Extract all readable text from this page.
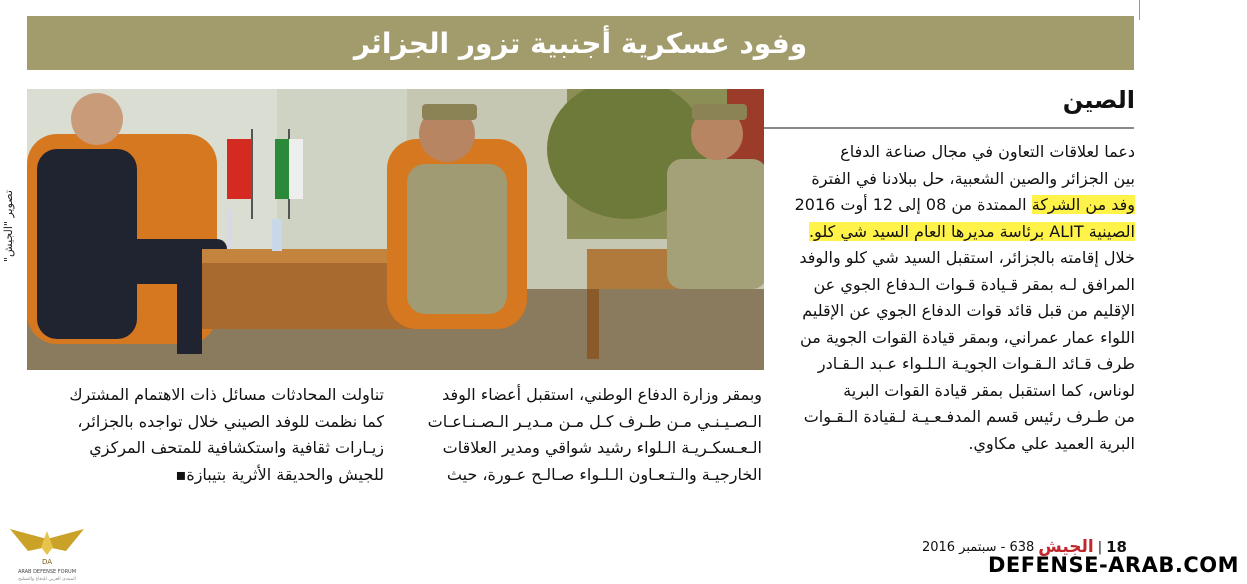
وفود عسكرية أجنبية تزور الجزائر
الصين
تصوير "الجيش"

دعما لعلاقات التعاون في مجال صناعة الدفاع

بين الجزائر والصين الشعبية، حل ببلادنا في الفترة

وفد من الشركة الممتدة من 08 إلى 12 أوت 2016

الصينية ALIT برئاسة مديرها العام السيد شي كلو.

خلال إقامته بالجزائر، استقبل السيد شي كلو والوفد

المرافق لـه بمقر قـيادة قـوات الـدفاع الجوي عن

الإقليم من قبل قائد قوات الدفاع الجوي عن الإقليم

اللواء عمار عمراني، وبمقر قيادة القوات الجوية من

طرف قـائد الـقـوات الجويـة الـلـواء عـبد الـقـادر

لوناس، كما استقبل بمقر قيادة القوات البرية

من طـرف رئيس قسم المدفـعـيـة لـقيادة الـقـوات

البرية العميد علي مكاوي.

وبمقر وزارة الدفاع الوطني، استقبل أعضاء الوفد

الـصـيـنـي مـن طـرف كـل مـن مـديـر الـصـنـاعـات

الـعـسكـريـة الـلواء رشيد شواقي ومدير العلاقات

الخارجيـة والـتـعـاون الـلـواء صـالـح عـورة، حيث

تناولت المحادثات مسائل ذات الاهتمام المشترك

كما نظمت للوفد الصيني خلال تواجده بالجزائر،

زيـارات ثقافية واستكشافية للمتحف المركزي

للجيش والحديقة الأثرية بتيبازة▪

18
|
الجيش
638 - سبتمبر 2016
DA
ARAB DEFENSE FORUM
المنتدى العربي للدفاع والتسليح
DEFENSE-ARAB.COM
